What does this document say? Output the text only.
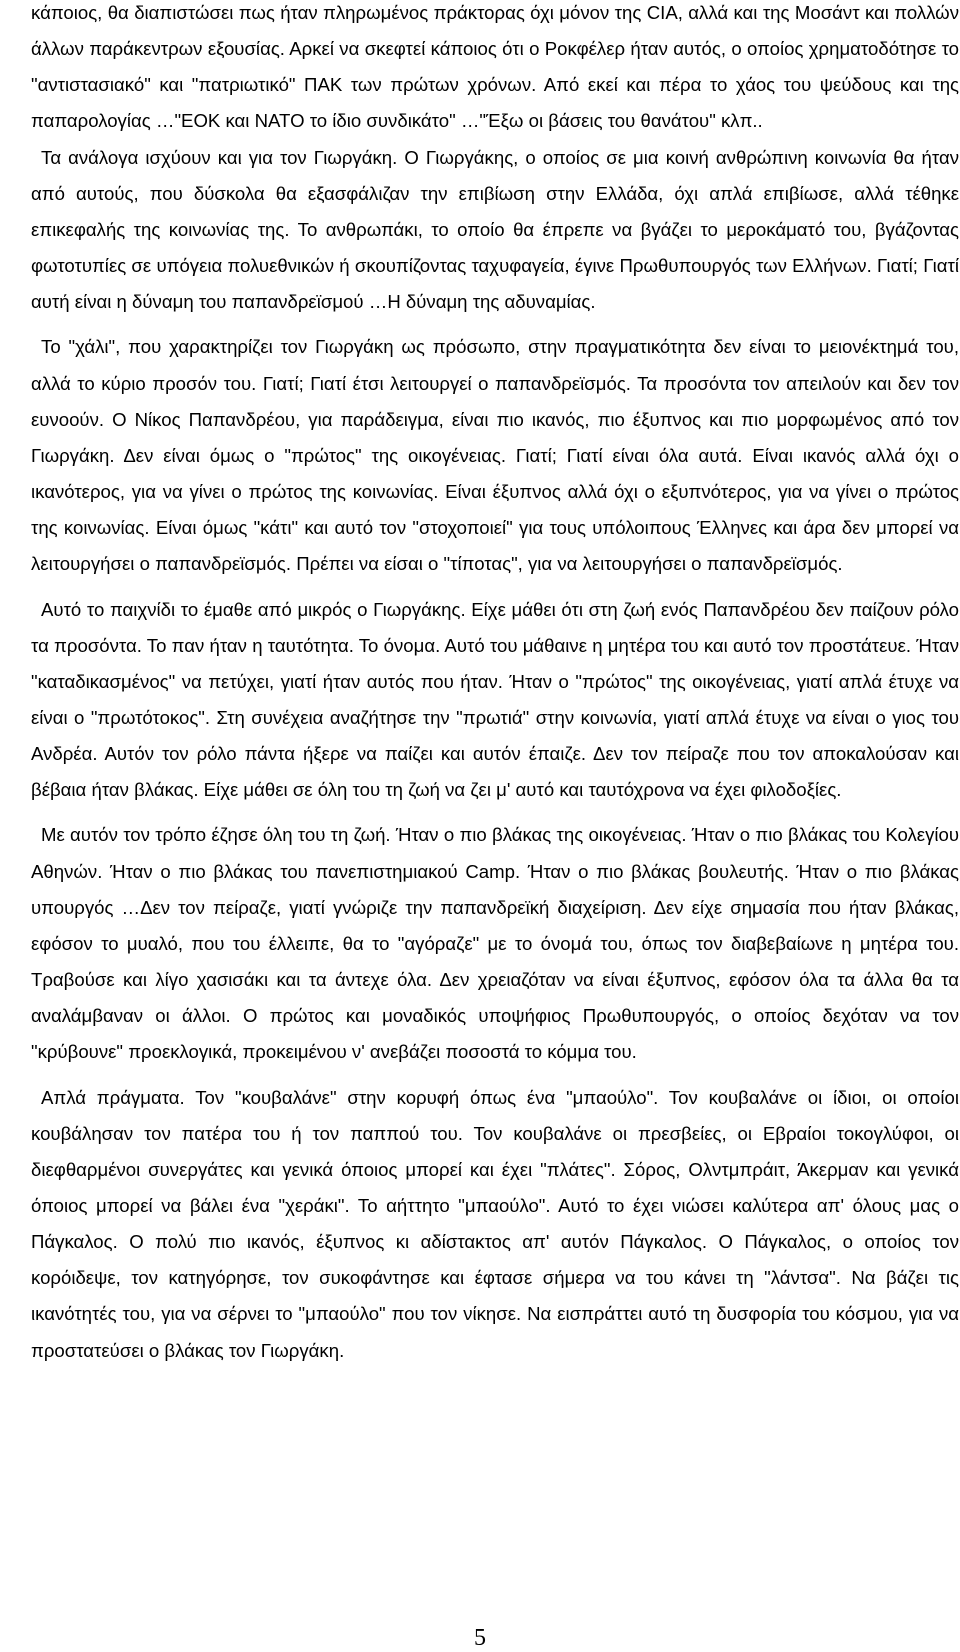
κάποιος, θα διαπιστώσει πως ήταν πληρωμένος πράκτορας όχι μόνον της CIA, αλλά και της Μοσάντ και πολλών άλλων παράκεντρων εξουσίας. Αρκεί να σκεφτεί κάποιος ότι ο Ροκφέλερ ήταν αυτός, ο οποίος χρηματοδότησε το "αντιστασιακό" και "πατριωτικό" ΠΑΚ των πρώτων χρόνων. Από εκεί και πέρα το χάος του ψεύδους και της παπαρολογίας …"ΕΟΚ και ΝΑΤΟ το ίδιο συνδικάτο" …"Έξω οι βάσεις του θανάτου" κλπ..

Τα ανάλογα ισχύουν και για τον Γιωργάκη. Ο Γιωργάκης, ο οποίος σε μια κοινή ανθρώπινη κοινωνία θα ήταν από αυτούς, που δύσκολα θα εξασφάλιζαν την επιβίωση στην Ελλάδα, όχι απλά επιβίωσε, αλλά τέθηκε επικεφαλής της κοινωνίας της. Το ανθρωπάκι, το οποίο θα έπρεπε να βγάζει το μεροκάματό του, βγάζοντας φωτοτυπίες σε υπόγεια πολυεθνικών ή σκουπίζοντας ταχυφαγεία, έγινε Πρωθυπουργός των Ελλήνων. Γιατί; Γιατί αυτή είναι η δύναμη του παπανδρεϊσμού …Η δύναμη της αδυναμίας.

Το "χάλι", που χαρακτηρίζει τον Γιωργάκη ως πρόσωπο, στην πραγματικότητα δεν είναι το μειονέκτημά του, αλλά το κύριο προσόν του. Γιατί; Γιατί έτσι λειτουργεί ο παπανδρεϊσμός. Τα προσόντα τον απειλούν και δεν τον ευνοούν. Ο Νίκος Παπανδρέου, για παράδειγμα, είναι πιο ικανός, πιο έξυπνος και πιο μορφωμένος από τον Γιωργάκη. Δεν είναι όμως ο "πρώτος" της οικογένειας. Γιατί; Γιατί είναι όλα αυτά. Είναι ικανός αλλά όχι ο ικανότερος, για να γίνει ο πρώτος της κοινωνίας. Είναι έξυπνος αλλά όχι ο εξυπνότερος, για να γίνει ο πρώτος της κοινωνίας. Είναι όμως "κάτι" και αυτό τον "στοχοποιεί" για τους υπόλοιπους Έλληνες και άρα δεν μπορεί να λειτουργήσει ο παπανδρεϊσμός. Πρέπει να είσαι ο "τίποτας", για να λειτουργήσει ο παπανδρεϊσμός.

Αυτό το παιχνίδι το έμαθε από μικρός ο Γιωργάκης. Είχε μάθει ότι στη ζωή ενός Παπανδρέου δεν παίζουν ρόλο τα προσόντα. Το παν ήταν η ταυτότητα. Το όνομα. Αυτό του μάθαινε η μητέρα του και αυτό τον προστάτευε. Ήταν "καταδικασμένος" να πετύχει, γιατί ήταν αυτός που ήταν. Ήταν ο "πρώτος" της οικογένειας, γιατί απλά έτυχε να είναι ο "πρωτότοκος". Στη συνέχεια αναζήτησε την "πρωτιά" στην κοινωνία, γιατί απλά έτυχε να είναι ο γιος του Ανδρέα. Αυτόν τον ρόλο πάντα ήξερε να παίζει και αυτόν έπαιζε. Δεν τον πείραζε που τον αποκαλούσαν και βέβαια ήταν βλάκας. Είχε μάθει σε όλη του τη ζωή να ζει μ' αυτό και ταυτόχρονα να έχει φιλοδοξίες.

Με αυτόν τον τρόπο έζησε όλη του τη ζωή. Ήταν ο πιο βλάκας της οικογένειας. Ήταν ο πιο βλάκας του Κολεγίου Αθηνών. Ήταν ο πιο βλάκας του πανεπιστημιακού Camp. Ήταν ο πιο βλάκας βουλευτής. Ήταν ο πιο βλάκας υπουργός …Δεν τον πείραζε, γιατί γνώριζε την παπανδρεϊκή διαχείριση. Δεν είχε σημασία που ήταν βλάκας, εφόσον το μυαλό, που του έλλειπε, θα το "αγόραζε" με το όνομά του, όπως τον διαβεβαίωνε η μητέρα του. Τραβούσε και λίγο χασισάκι και τα άντεχε όλα. Δεν χρειαζόταν να είναι έξυπνος, εφόσον όλα τα άλλα θα τα αναλάμβαναν οι άλλοι. Ο πρώτος και μοναδικός υποψήφιος Πρωθυπουργός, ο οποίος δεχόταν να τον "κρύβουνε" προεκλογικά, προκειμένου ν' ανεβάζει ποσοστά το κόμμα του.

Απλά πράγματα. Τον "κουβαλάνε" στην κορυφή όπως ένα "μπαούλο". Τον κουβαλάνε οι ίδιοι, οι οποίοι κουβάλησαν τον πατέρα του ή τον παππού του. Τον κουβαλάνε οι πρεσβείες, οι Εβραίοι τοκογλύφοι, οι διεφθαρμένοι συνεργάτες και γενικά όποιος μπορεί και έχει "πλάτες". Σόρος, Ολντμπράιτ, Άκερμαν και γενικά όποιος μπορεί να βάλει ένα "χεράκι". Το αήττητο "μπαούλο". Αυτό το έχει νιώσει καλύτερα απ' όλους μας ο Πάγκαλος. Ο πολύ πιο ικανός, έξυπνος κι αδίστακτος απ' αυτόν Πάγκαλος. Ο Πάγκαλος, ο οποίος τον κορόιδεψε, τον κατηγόρησε, τον συκοφάντησε και έφτασε σήμερα να του κάνει τη "λάντσα". Να βάζει τις ικανότητές του, για να σέρνει το "μπαούλο" που τον νίκησε. Να εισπράττει αυτό τη δυσφορία του κόσμου, για να προστατεύσει ο βλάκας τον Γιωργάκη.

5
